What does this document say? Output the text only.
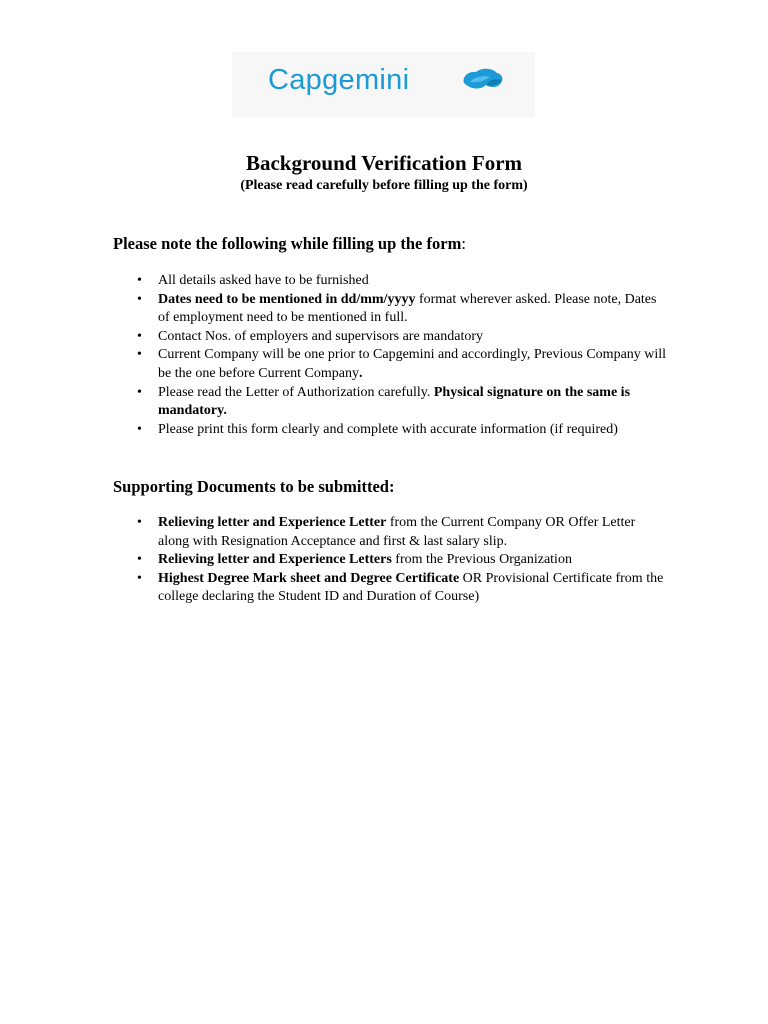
Capgemini
Background Verification Form
(Please read carefully before filling up the form)
Please note the following while filling up the form:
• All details asked have to be furnished
• Dates need to be mentioned in dd/mm/yyyy format wherever asked. Please note, Dates of employment need to be mentioned in full.
• Contact Nos. of employers and supervisors are mandatory
• Current Company will be one prior to Capgemini and accordingly, Previous Company will be the one before Current Company.
• Please read the Letter of Authorization carefully. Physical signature on the same is mandatory.
• Please print this form clearly and complete with accurate information (if required)
Supporting Documents to be submitted:
• Relieving letter and Experience Letter from the Current Company OR Offer Letter along with Resignation Acceptance and first & last salary slip.
• Relieving letter and Experience Letters from the Previous Organization
• Highest Degree Mark sheet and Degree Certificate OR Provisional Certificate from the college declaring the Student ID and Duration of Course)
